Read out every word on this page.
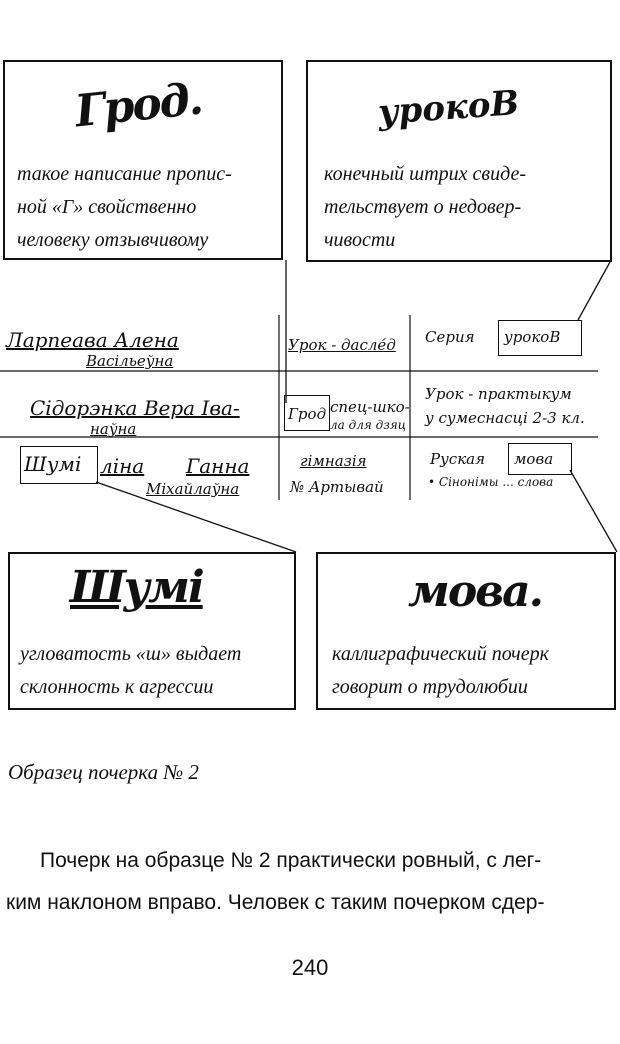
Грод.
такое написание пропис-
ной «Г» свойственно
человеку отзывчивому
урокоВ
конечный штрих свиде-
тельствует о недовер-
чивости
Ларпеава Алена
Васільеўна
Урок - дасле́д Серия урокоВ
Сідорэнка Вера Іва-
наўна
Грод спец-шко-
ла для дзяц
Урок - практыкум
у сумеснасці 2-3 кл.
Шумі ліна Ганна
Міхайлаўна
гімназія
№ Артывай
Руская мова
• Сінонімы ... слова
Шумі
угловатость «ш» выдает
склонность к агрессии
мова.
каллиграфический почерк
говорит о трудолюбии
Образец почерка № 2
Почерк на образце № 2 практически ровный, с лег-
ким наклоном вправо. Человек с таким почерком сдер-
240
